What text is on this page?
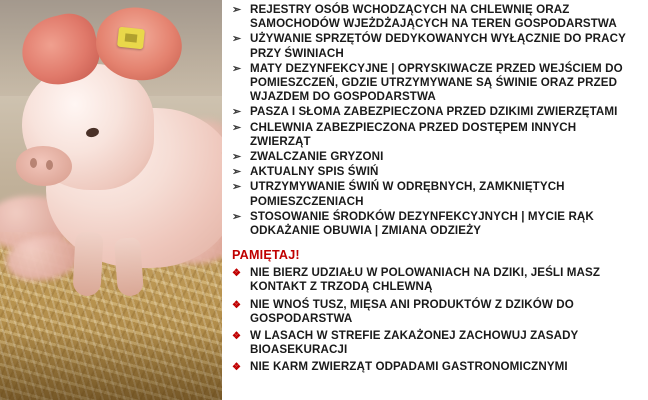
➢ REJESTRY OSÓB WCHODZĄCYCH NA CHLEWNIĘ ORAZ SAMOCHODÓW WJEŻDŻAJĄCYCH NA TEREN GOSPODARSTWA
➢ UŻYWANIE SPRZĘTÓW DEDYKOWANYCH WYŁĄCZNIE DO PRACY PRZY ŚWINIACH
➢ MATY DEZYNFEKCYJNE | OPRYSKIWACZE PRZED WEJŚCIEM DO POMIESZCZEŃ, GDZIE UTRZYMYWANE SĄ ŚWINIE ORAZ PRZED WJAZDEM DO GOSPODARSTWA
➢ PASZA I SŁOMA ZABEZPIECZONA PRZED DZIKIMI ZWIERZĘTAMI
➢ CHLEWNIA ZABEZPIECZONA PRZED DOSTĘPEM INNYCH ZWIERZĄT
➢ ZWALCZANIE GRYZONI
➢ AKTUALNY SPIS ŚWIŃ
➢ UTRZYMYWANIE ŚWIŃ W ODRĘBNYCH, ZAMKNIĘTYCH POMIESZCZENIACH
➢ STOSOWANIE ŚRODKÓW DEZYNFEKCYJNYCH | MYCIE RĄK ODKAŻANIE OBUWIA | ZMIANA ODZIEŻY
PAMIĘTAJ!
❖ NIE BIERZ UDZIAŁU W POLOWANIACH NA DZIKI, JEŚLI MASZ KONTAKT Z TRZODĄ CHLEWNĄ
❖ NIE WNOŚ TUSZ, MIĘSA ANI PRODUKTÓW Z DZIKÓW DO GOSPODARSTWA
❖ W LASACH W STREFIE ZAKAŻONEJ ZACHOWUJ ZASADY BIOASEKURACJI
❖ NIE KARM ZWIERZĄT ODPADAMI GASTRONOMICZNYMI
